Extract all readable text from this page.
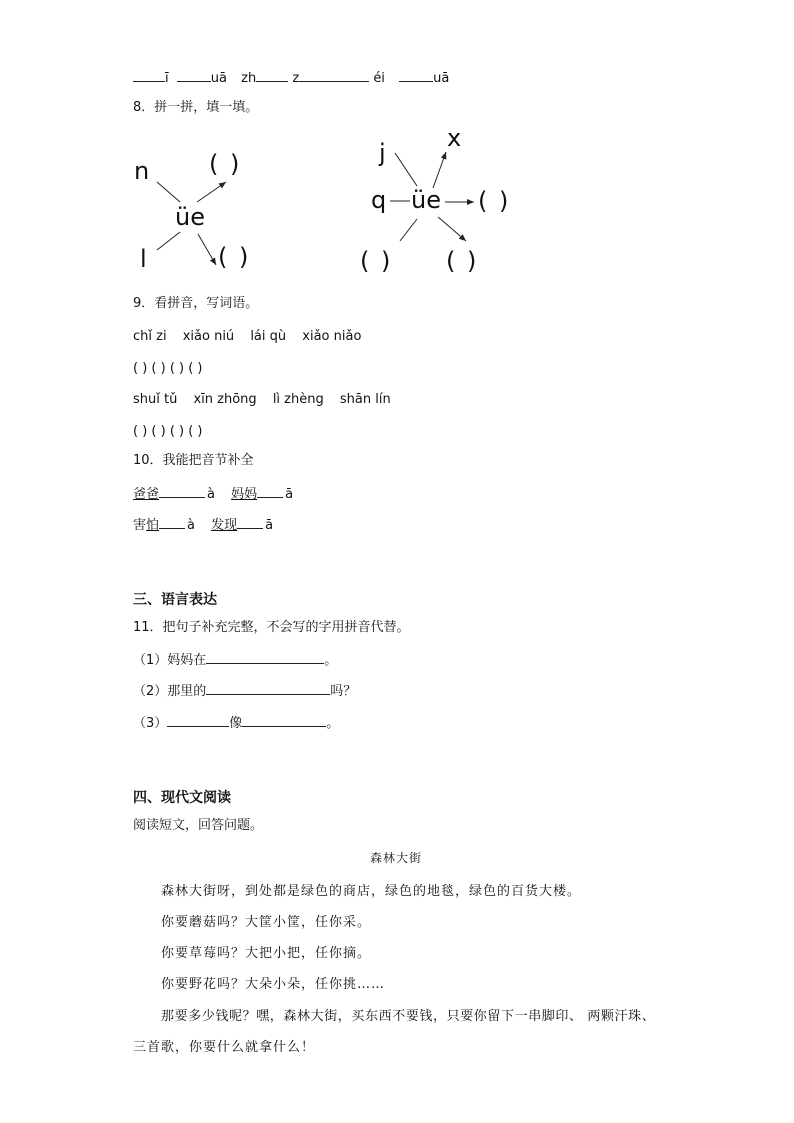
ī	uā zh	z	éi	uā
8．拼一拼，填一填。
n
üe
l
( )
( )
j
x
q üe ( )
( ) ( )
9．看拼音，写词语。
chǐ zi xiǎo niú lái qù xiǎo niǎo
( ) ( ) ( ) ( )
shuǐ tǔ xīn zhōng lì zhèng shān lín
( ) ( ) ( ) ( )
10．我能把音节补全
爸爸	à 妈妈 ā
害怕 à 发现 ā
三、语言表达
11．把句子补充完整，不会写的字用拼音代替。
（1）妈妈在	。
（2）那里的	吗？
（3）	像	。
四、现代文阅读
阅读短文，回答问题。
森林大街
森林大街呀，到处都是绿色的商店，绿色的地毯，绿色的百货大楼。
你要蘑菇吗？大筐小筐，任你采。
你要草莓吗？大把小把，任你摘。
你要野花吗？大朵小朵，任你挑……
那要多少钱呢？嘿，森林大街，买东西不要钱，只要你留下一串脚印、 两颗汗珠、
三首歌，你要什么就拿什么！
